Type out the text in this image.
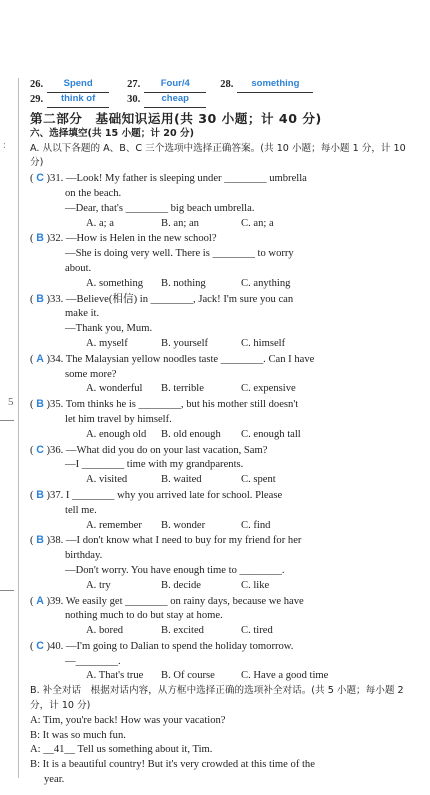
:
5
26.	Spend	27.	Four/4	28.	something
29.	think of	30.	cheap
第二部分　基础知识运用(共 30 小题；计 40 分)
六、选择填空(共 15 小题；计 20 分)
A. 从以下各题的 A、B、C 三个选项中选择正确答案。(共 10 小题；每小题 1 分，计 10 分)
( C )31. —Look! My father is sleeping under ________ umbrella
on the beach.
—Dear, that's ________ big beach umbrella.
A. a; a	B. an; an	C. an; a
( B )32. —How is Helen in the new school?
—She is doing very well. There is ________ to worry
about.
A. something	B. nothing	C. anything
( B )33. —Believe(相信) in ________, Jack! I'm sure you can
make it.
—Thank you, Mum.
A. myself	B. yourself	C. himself
( A )34. The Malaysian yellow noodles taste ________. Can I have
some more?
A. wonderful	B. terrible	C. expensive
( B )35. Tom thinks he is ________, but his mother still doesn't
let him travel by himself.
A. enough old	B. old enough	C. enough tall
( C )36. —What did you do on your last vacation, Sam?
—I ________ time with my grandparents.
A. visited	B. waited	C. spent
( B )37. I ________ why you arrived late for school. Please
tell me.
A. remember	B. wonder	C. find
( B )38. —I don't know what I need to buy for my friend for her
birthday.
—Don't worry. You have enough time to ________.
A. try	B. decide	C. like
( A )39. We easily get ________ on rainy days, because we have
nothing much to do but stay at home.
A. bored	B. excited	C. tired
( C )40. —I'm going to Dalian to spend the holiday tomorrow.
—________.
A. That's true	B. Of course	C. Have a good time
B. 补全对话　根据对话内容，从方框中选择正确的选项补全对话。(共 5 小题；每小题 2 分，计 10 分)
A: Tim, you're back! How was your vacation?
B: It was so much fun.
A: __41__ Tell us something about it, Tim.
B: It is a beautiful country! But it's very crowded at this time of the
year.
